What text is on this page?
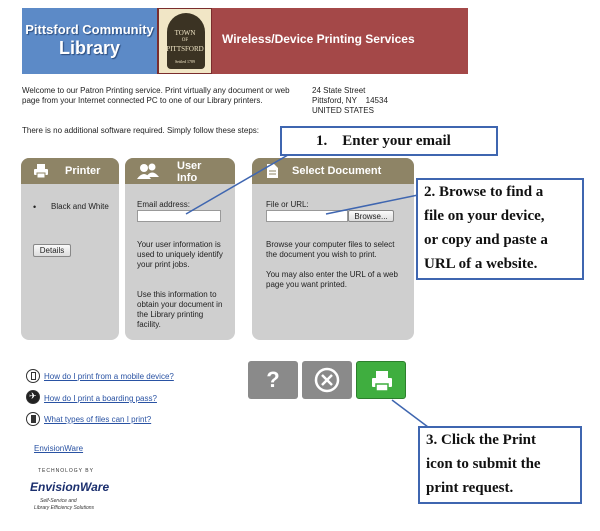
Pittsford Community
Library
TOWN
OF
PITTSFORD
Settled 1789
Wireless/Device Printing Services
Welcome to our Patron Printing service. Print virtually any document or web page from your Internet connected PC to one of our Library printers.
24 State Street
Pittsford, NY    14534
UNITED STATES
There is no additional software required. Simply follow these steps:
Printer
•	Black and White
Details
User
Info
Email address:
Your user information is used to uniquely identify your print jobs.
Use this information to obtain your document in the Library printing facility.
Select Document
File or URL:
Browse...
Browse your computer files to select the document you wish to print.
You may also enter the URL of a web page you want printed.
?
How do I print from a mobile device?
✈ How do I print a boarding pass?
What types of files can I print?
EnvisionWare
TECHNOLOGY BY
EnvisionWare
Self-Service and
Library Efficiency Solutions
1.    Enter your email
2. Browse to find a
file on your device,
or copy and paste a
URL of a website.
3. Click the Print
icon to submit the
print request.
